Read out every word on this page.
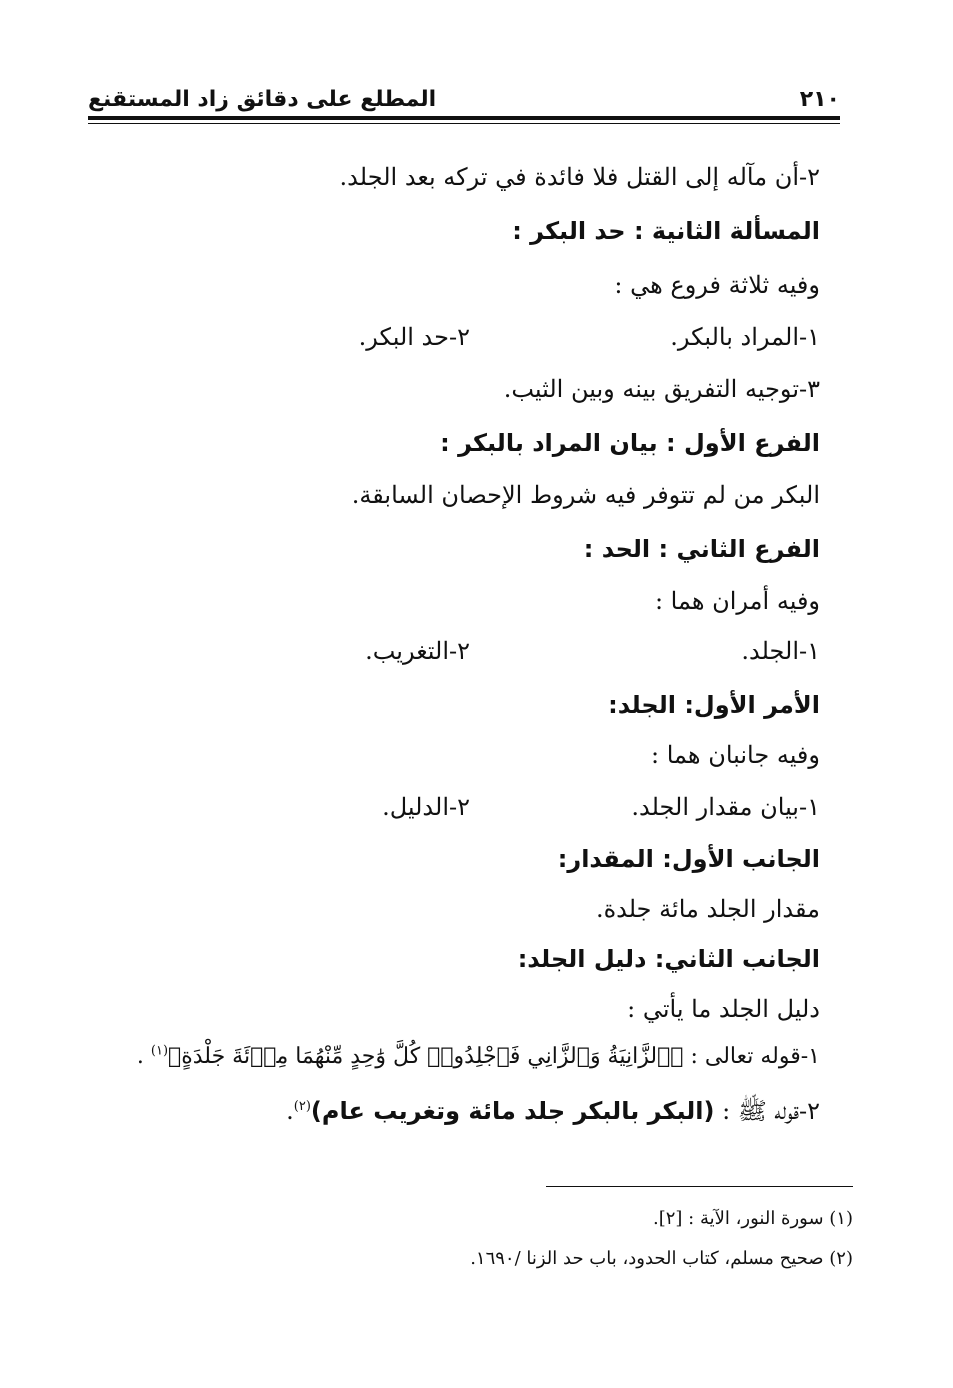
المطلع على دقائق زاد المستقنع	٢١٠
٢-أن مآله إلى القتل فلا فائدة في تركه بعد الجلد.
المسألة الثانية : حد البكر :
وفيه ثلاثة فروع هي :
١-المراد بالبكر.
٢-حد البكر.
٣-توجيه التفريق بينه وبين الثيب.
الفرع الأول : بيان المراد بالبكر :
البكر من لم تتوفر فيه شروط الإحصان السابقة.
الفرع الثاني : الحد :
وفيه أمران هما :
١-الجلد.
٢-التغريب.
الأمر الأول: الجلد:
وفيه جانبان هما :
١-بيان مقدار الجلد.
٢-الدليل.
الجانب الأول: المقدار:
مقدار الجلد مائة جلدة.
الجانب الثاني: دليل الجلد:
دليل الجلد ما يأتي :
١-قوله تعالى : ﴿ٱلزَّانِيَةُ وَٱلزَّانِي فَٱجْلِدُوا۟ كُلَّ وَٰحِدٍ مِّنْهُمَا مِا۟ئَةَ جَلْدَةٍ﴾$^{(١)}$ .
٢-قوله ﷺ : (البكر بالبكر جلد مائة وتغريب عام)$^{(٢)}$.
(١) سورة النور، الآية : [٢].
(٢) صحيح مسلم، كتاب الحدود، باب حد الزنا /١٦٩٠.
